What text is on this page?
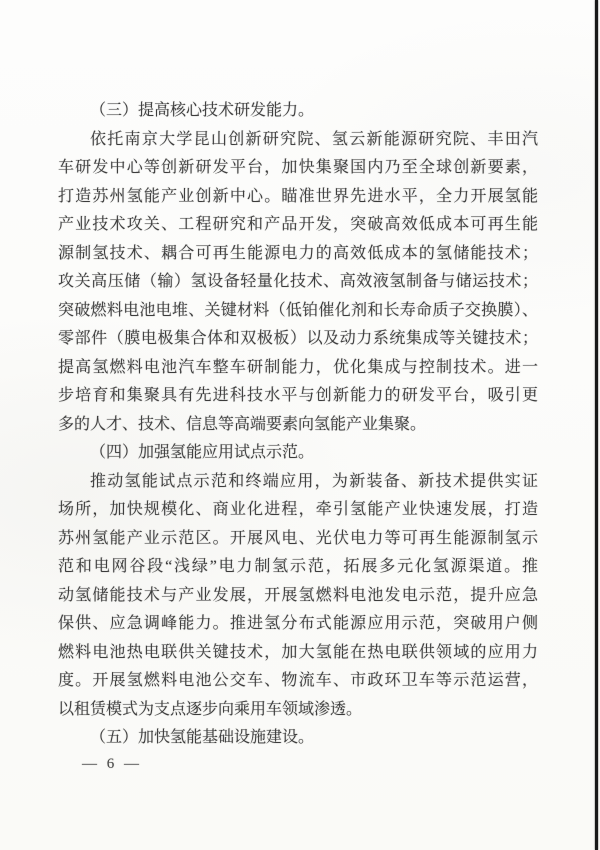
（三）提高核心技术研发能力。
依托南京大学昆山创新研究院、氢云新能源研究院、丰田汽
车研发中心等创新研发平台，加快集聚国内乃至全球创新要素，
打造苏州氢能产业创新中心。瞄准世界先进水平，全力开展氢能
产业技术攻关、工程研究和产品开发，突破高效低成本可再生能
源制氢技术、耦合可再生能源电力的高效低成本的氢储能技术；
攻关高压储（输）氢设备轻量化技术、高效液氢制备与储运技术；
突破燃料电池电堆、关键材料（低铂催化剂和长寿命质子交换膜）、
零部件（膜电极集合体和双极板）以及动力系统集成等关键技术；
提高氢燃料电池汽车整车研制能力，优化集成与控制技术。进一
步培育和集聚具有先进科技水平与创新能力的研发平台，吸引更
多的人才、技术、信息等高端要素向氢能产业集聚。
（四）加强氢能应用试点示范。
推动氢能试点示范和终端应用，为新装备、新技术提供实证
场所，加快规模化、商业化进程，牵引氢能产业快速发展，打造
苏州氢能产业示范区。开展风电、光伏电力等可再生能源制氢示
范和电网谷段“浅绿”电力制氢示范，拓展多元化氢源渠道。推
动氢储能技术与产业发展，开展氢燃料电池发电示范，提升应急
保供、应急调峰能力。推进氢分布式能源应用示范，突破用户侧
燃料电池热电联供关键技术，加大氢能在热电联供领域的应用力
度。开展氢燃料电池公交车、物流车、市政环卫车等示范运营，
以租赁模式为支点逐步向乘用车领域渗透。
（五）加快氢能基础设施建设。
— 6 —
